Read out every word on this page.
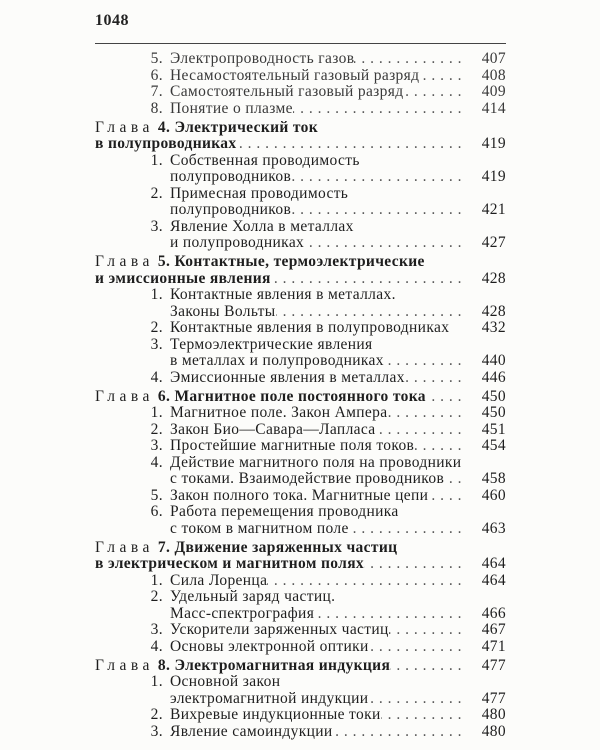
1048
5. Электропроводность газов . . .	407
6. Несамостоятельный газовый разряд . . .	408
7. Самостоятельный газовый разряд . . .	409
8. Понятие о плазме . . .	414
Глава 4. Электрический ток
в полупроводниках . . .	419
1. Собственная проводимость
полупроводников . . .	419
2. Примесная проводимость
полупроводников . . .	421
3. Явление Холла в металлах
и полупроводниках . . .	427
Глава 5. Контактные, термоэлектрические
и эмиссионные явления . . .	428
1. Контактные явления в металлах.
Законы Вольты . . .	428
2. Контактные явления в полупроводниках	432
3. Термоэлектрические явления
в металлах и полупроводниках . . .	440
4. Эмиссионные явления в металлах . . .	446
Глава 6. Магнитное поле постоянного тока . . .	450
1. Магнитное поле. Закон Ампера . . .	450
2. Закон Био—Савара—Лапласа . . .	451
3. Простейшие магнитные поля токов . . .	454
4. Действие магнитного поля на проводники
с токами. Взаимодействие проводников . . .	458
5. Закон полного тока. Магнитные цепи . . .	460
6. Работа перемещения проводника
с током в магнитном поле . . .	463
Глава 7. Движение заряженных частиц
в электрическом и магнитном полях . . .	464
1. Сила Лоренца . . .	464
2. Удельный заряд частиц.
Масс-спектрография . . .	466
3. Ускорители заряженных частиц . . .	467
4. Основы электронной оптики . . .	471
Глава 8. Электромагнитная индукция . . .	477
1. Основной закон
электромагнитной индукции . . .	477
2. Вихревые индукционные токи . . .	480
3. Явление самоиндукции . . .	480
